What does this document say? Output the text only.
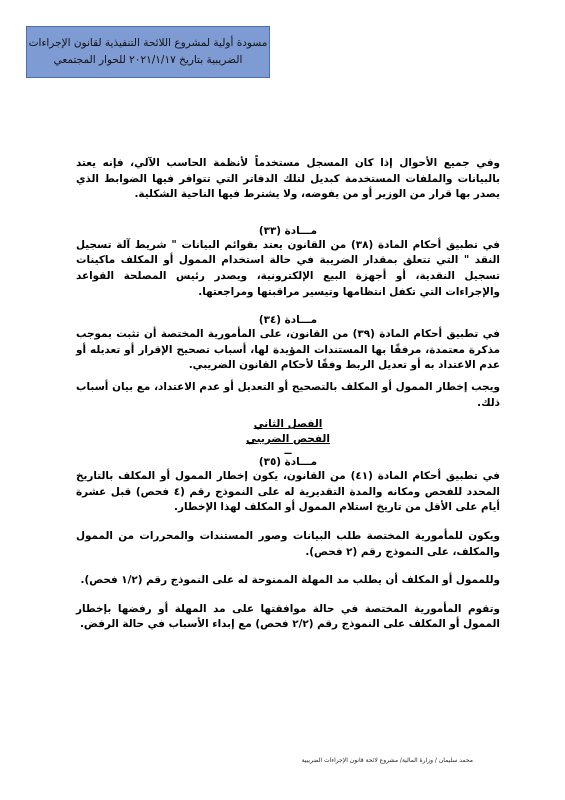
مسودة أولية لمشروع اللائحة التنفيذية لقانون الإجراءات
الضريبية بتاريخ ٢٠٢١/١/١٧ للحوار المجتمعي

وفي جميع الأحوال إذا كان المسجل مستخدماً لأنظمة الحاسب الآلي، فإنه يعتد بالبيانات والملفات المستخدمة كبديل لتلك الدفاتر التي تتوافر فيها الضوابط الذي يصدر بها قرار من الوزير أو من يفوضه، ولا يشترط فيها الناحية الشكلية.

مـــادة (٣٣)

في تطبيق أحكام المادة (٣٨) من القانون يعتد بقوائم البيانات " شريط آلة تسجيل النقد " التي تتعلق بمقدار الضريبة في حالة استخدام الممول أو المكلف ماكينات تسجيل النقدية، أو أجهزة البيع الإلكترونية، ويصدر رئيس المصلحة القواعد والإجراءات التي تكفل انتظامها وتيسير مراقبتها ومراجعتها.

مـــادة (٣٤)

في تطبيق أحكام المادة (٣٩) من القانون، على المأمورية المختصة أن تثبت بموجب مذكرة معتمدة، مرفقًا بها المستندات المؤيدة لها، أسباب تصحيح الإقرار أو تعديله أو عدم الاعتداد به أو تعديل الربط وفقًا لأحكام القانون الضريبي.

ويجب إخطار الممول أو المكلف بالتصحيح أو التعديل أو عدم الاعتداد، مع بيان أسباب ذلك.

الفصل الثاني

الفحص الضريبي

ــ

مـــادة (٣٥)

في تطبيق أحكام المادة (٤١) من القانون، يكون إخطار الممول أو المكلف بالتاريخ المحدد للفحص ومكانه والمدة التقديرية له على النموذج رقم (٤ فحص) قبل عشرة أيام على الأقل من تاريخ استلام الممول أو المكلف لهذا الإخطار.

ويكون للمأمورية المختصة طلب البيانات وصور المستندات والمحررات من الممول والمكلف، على النموذج رقم (٢ فحص).

وللممول أو المكلف أن يطلب مد المهلة الممنوحة له على النموذج رقم (١/٢ فحص).

وتقوم المأمورية المختصة في حالة موافقتها على مد المهلة أو رفضها بإخطار الممول أو المكلف على النموذج رقم (٢/٢ فحص) مع إبداء الأسباب في حالة الرفض.

محمد سليمان / وزارة المالية/ مشروع لائحة قانون الإجراءات الضريبية
